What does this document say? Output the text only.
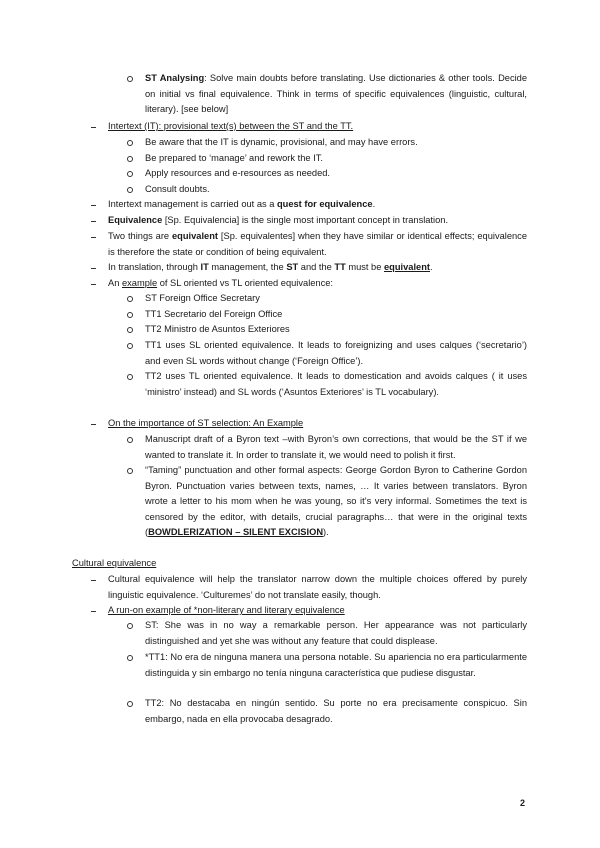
ST Analysing: Solve main doubts before translating. Use dictionaries & other tools. Decide on initial vs final equivalence. Think in terms of specific equivalences (linguistic, cultural, literary). [see below]
Intertext (IT): provisional text(s) between the ST and the TT.
Be aware that the IT is dynamic, provisional, and may have errors.
Be prepared to ‘manage’ and rework the IT.
Apply resources and e-resources as needed.
Consult doubts.
Intertext management is carried out as a quest for equivalence.
Equivalence [Sp. Equivalencia] is the single most important concept in translation.
Two things are equivalent [Sp. equivalentes] when they have similar or identical effects; equivalence is therefore the state or condition of being equivalent.
In translation, through IT management, the ST and the TT must be equivalent.
An example of SL oriented vs TL oriented equivalence:
ST Foreign Office Secretary
TT1 Secretario del Foreign Office
TT2 Ministro de Asuntos Exteriores
TT1 uses SL oriented equivalence. It leads to foreignizing and uses calques (‘secretario’) and even SL words without change (‘Foreign Office’).
TT2 uses TL oriented equivalence. It leads to domestication and avoids calques ( it uses ‘ministro’ instead) and SL words (‘Asuntos Exteriores’ is TL vocabulary).
On the importance of ST selection: An Example
Manuscript draft of a Byron text –with Byron’s own corrections, that would be the ST if we wanted to translate it. In order to translate it, we would need to polish it first.
“Taming” punctuation and other formal aspects: George Gordon Byron to Catherine Gordon Byron. Punctuation varies between texts, names, … It varies between translators. Byron wrote a letter to his mom when he was young, so it’s very informal. Sometimes the text is censored by the editor, with details, crucial paragraphs… that were in the original texts (BOWDLERIZATION – SILENT EXCISION).
Cultural equivalence
Cultural equivalence will help the translator narrow down the multiple choices offered by purely linguistic equivalence. ‘Culturemes’ do not translate easily, though.
A run-on example of *non-literary and literary equivalence
ST: She was in no way a remarkable person. Her appearance was not particularly distinguished and yet she was without any feature that could displease.
*TT1: No era de ninguna manera una persona notable. Su apariencia no era particularmente distinguida y sin embargo no tenía ninguna característica que pudiese disgustar.
TT2: No destacaba en ningún sentido. Su porte no era precisamente conspicuo. Sin embargo, nada en ella provocaba desagrado.
2
